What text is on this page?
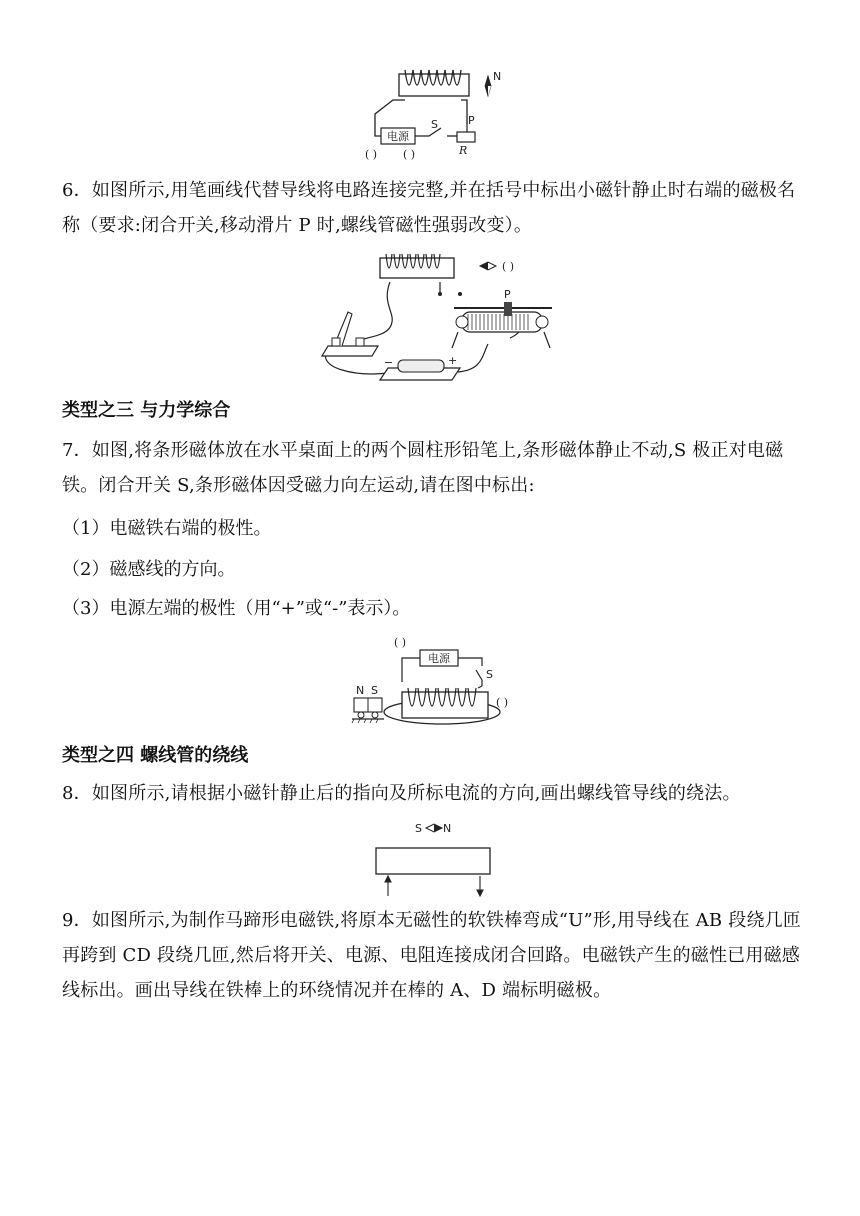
电源
S	P
R
N
( ) ( )
6．如图所示,用笔画线代替导线将电路连接完整,并在括号中标出小磁针静止时右端的磁极名称（要求:闭合开关,移动滑片 P 时,螺线管磁性强弱改变）。
( )
−	+
P
类型之三 与力学综合
7．如图,将条形磁体放在水平桌面上的两个圆柱形铅笔上,条形磁体静止不动,S 极正对电磁铁。闭合开关 S,条形磁体因受磁力向左运动,请在图中标出:
（1）电磁铁右端的极性。
（2）磁感线的方向。
（3）电源左端的极性（用“+”或“-”表示）。
( )
电源
S
( )
N S
类型之四 螺线管的绕线
8．如图所示,请根据小磁针静止后的指向及所标电流的方向,画出螺线管导线的绕法。
S N
9．如图所示,为制作马蹄形电磁铁,将原本无磁性的软铁棒弯成“U”形,用导线在 AB 段绕几匝再跨到 CD 段绕几匝,然后将开关、电源、电阻连接成闭合回路。电磁铁产生的磁性已用磁感线标出。画出导线在铁棒上的环绕情况并在棒的 A、D 端标明磁极。
